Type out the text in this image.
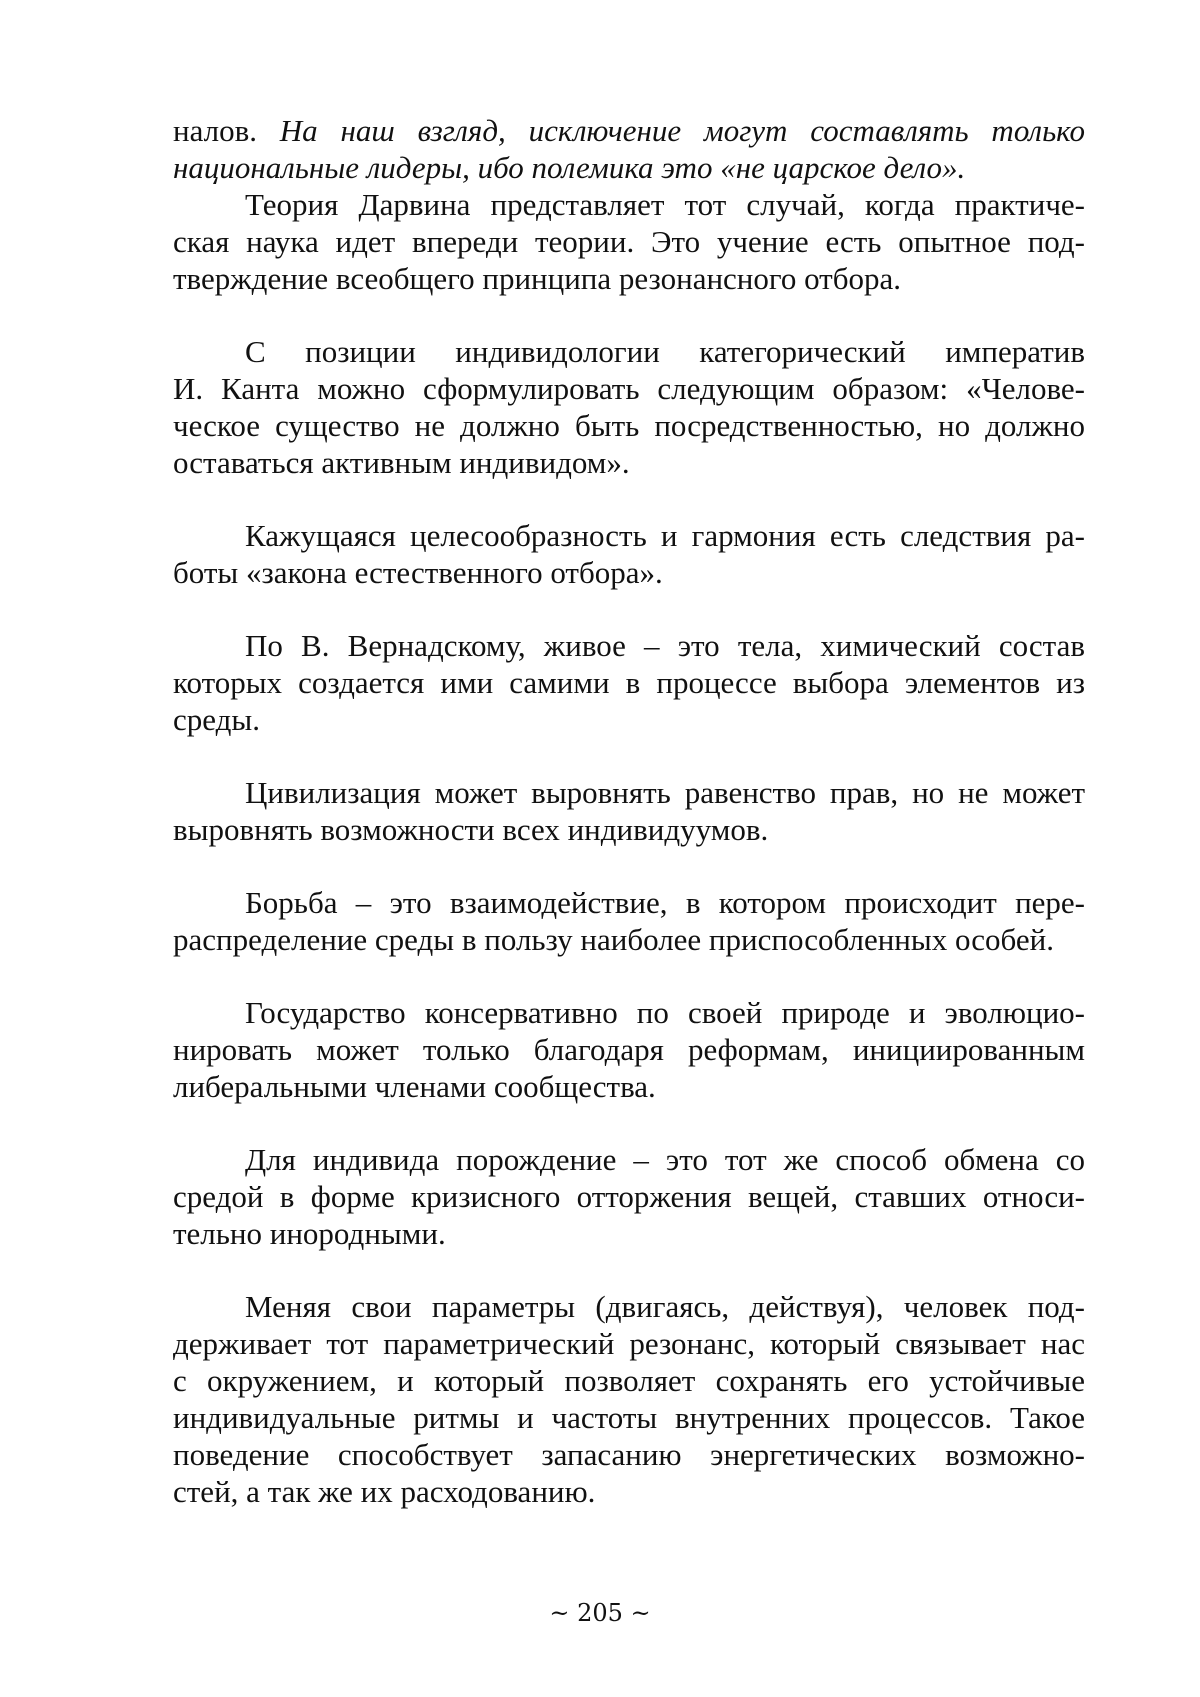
налов. На наш взгляд, исключение могут составлять только
национальные лидеры, ибо полемика это «не царское дело».
Теория Дарвина представляет тот случай, когда практиче-
ская наука идет впереди теории. Это учение есть опытное под-
тверждение всеобщего принципа резонансного отбора.
С позиции индивидологии категорический императив
И. Канта можно сформулировать следующим образом: «Челове-
ческое существо не должно быть посредственностью, но должно
оставаться активным индивидом».
Кажущаяся целесообразность и гармония есть следствия ра-
боты «закона естественного отбора».
По В. Вернадскому, живое – это тела, химический состав
которых создается ими самими в процессе выбора элементов из
среды.
Цивилизация может выровнять равенство прав, но не может
выровнять возможности всех индивидуумов.
Борьба – это взаимодействие, в котором происходит пере-
распределение среды в пользу наиболее приспособленных особей.
Государство консервативно по своей природе и эволюцио-
нировать может только благодаря реформам, инициированным
либеральными членами сообщества.
Для индивида порождение – это тот же способ обмена со
средой в форме кризисного отторжения вещей, ставших относи-
тельно инородными.
Меняя свои параметры (двигаясь, действуя), человек под-
держивает тот параметрический резонанс, который связывает нас
с окружением, и который позволяет сохранять его устойчивые
индивидуальные ритмы и частоты внутренних процессов. Такое
поведение способствует запасанию энергетических возможно-
стей, а так же их расходованию.
~ 205 ~
